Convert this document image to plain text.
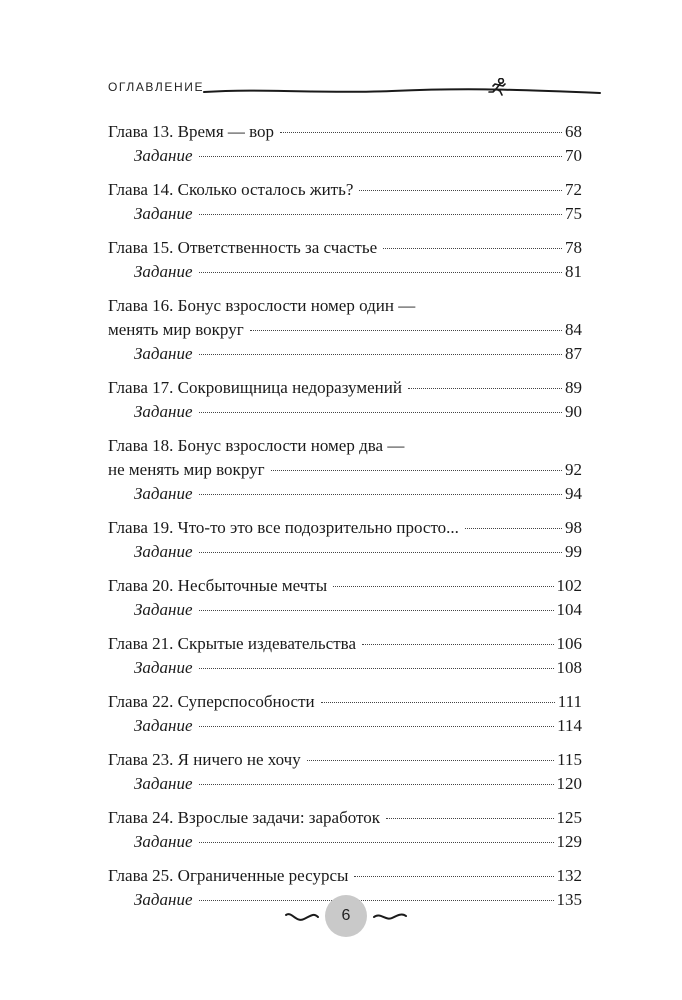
ОГЛАВЛЕНИЕ
Глава 13. Время — вор	68
Задание	70
Глава 14. Сколько осталось жить?	72
Задание	75
Глава 15. Ответственность за счастье	78
Задание	81
Глава 16. Бонус взрослости номер один —
менять мир вокруг	84
Задание	87
Глава 17. Сокровищница недоразумений	89
Задание	90
Глава 18. Бонус взрослости номер два —
не менять мир вокруг	92
Задание	94
Глава 19. Что-то это все подозрительно просто...	98
Задание	99
Глава 20. Несбыточные мечты	102
Задание	104
Глава 21. Скрытые издевательства	106
Задание	108
Глава 22. Суперспособности	111
Задание	114
Глава 23. Я ничего не хочу	115
Задание	120
Глава 24. Взрослые задачи: заработок	125
Задание	129
Глава 25. Ограниченные ресурсы	132
Задание	135
6
